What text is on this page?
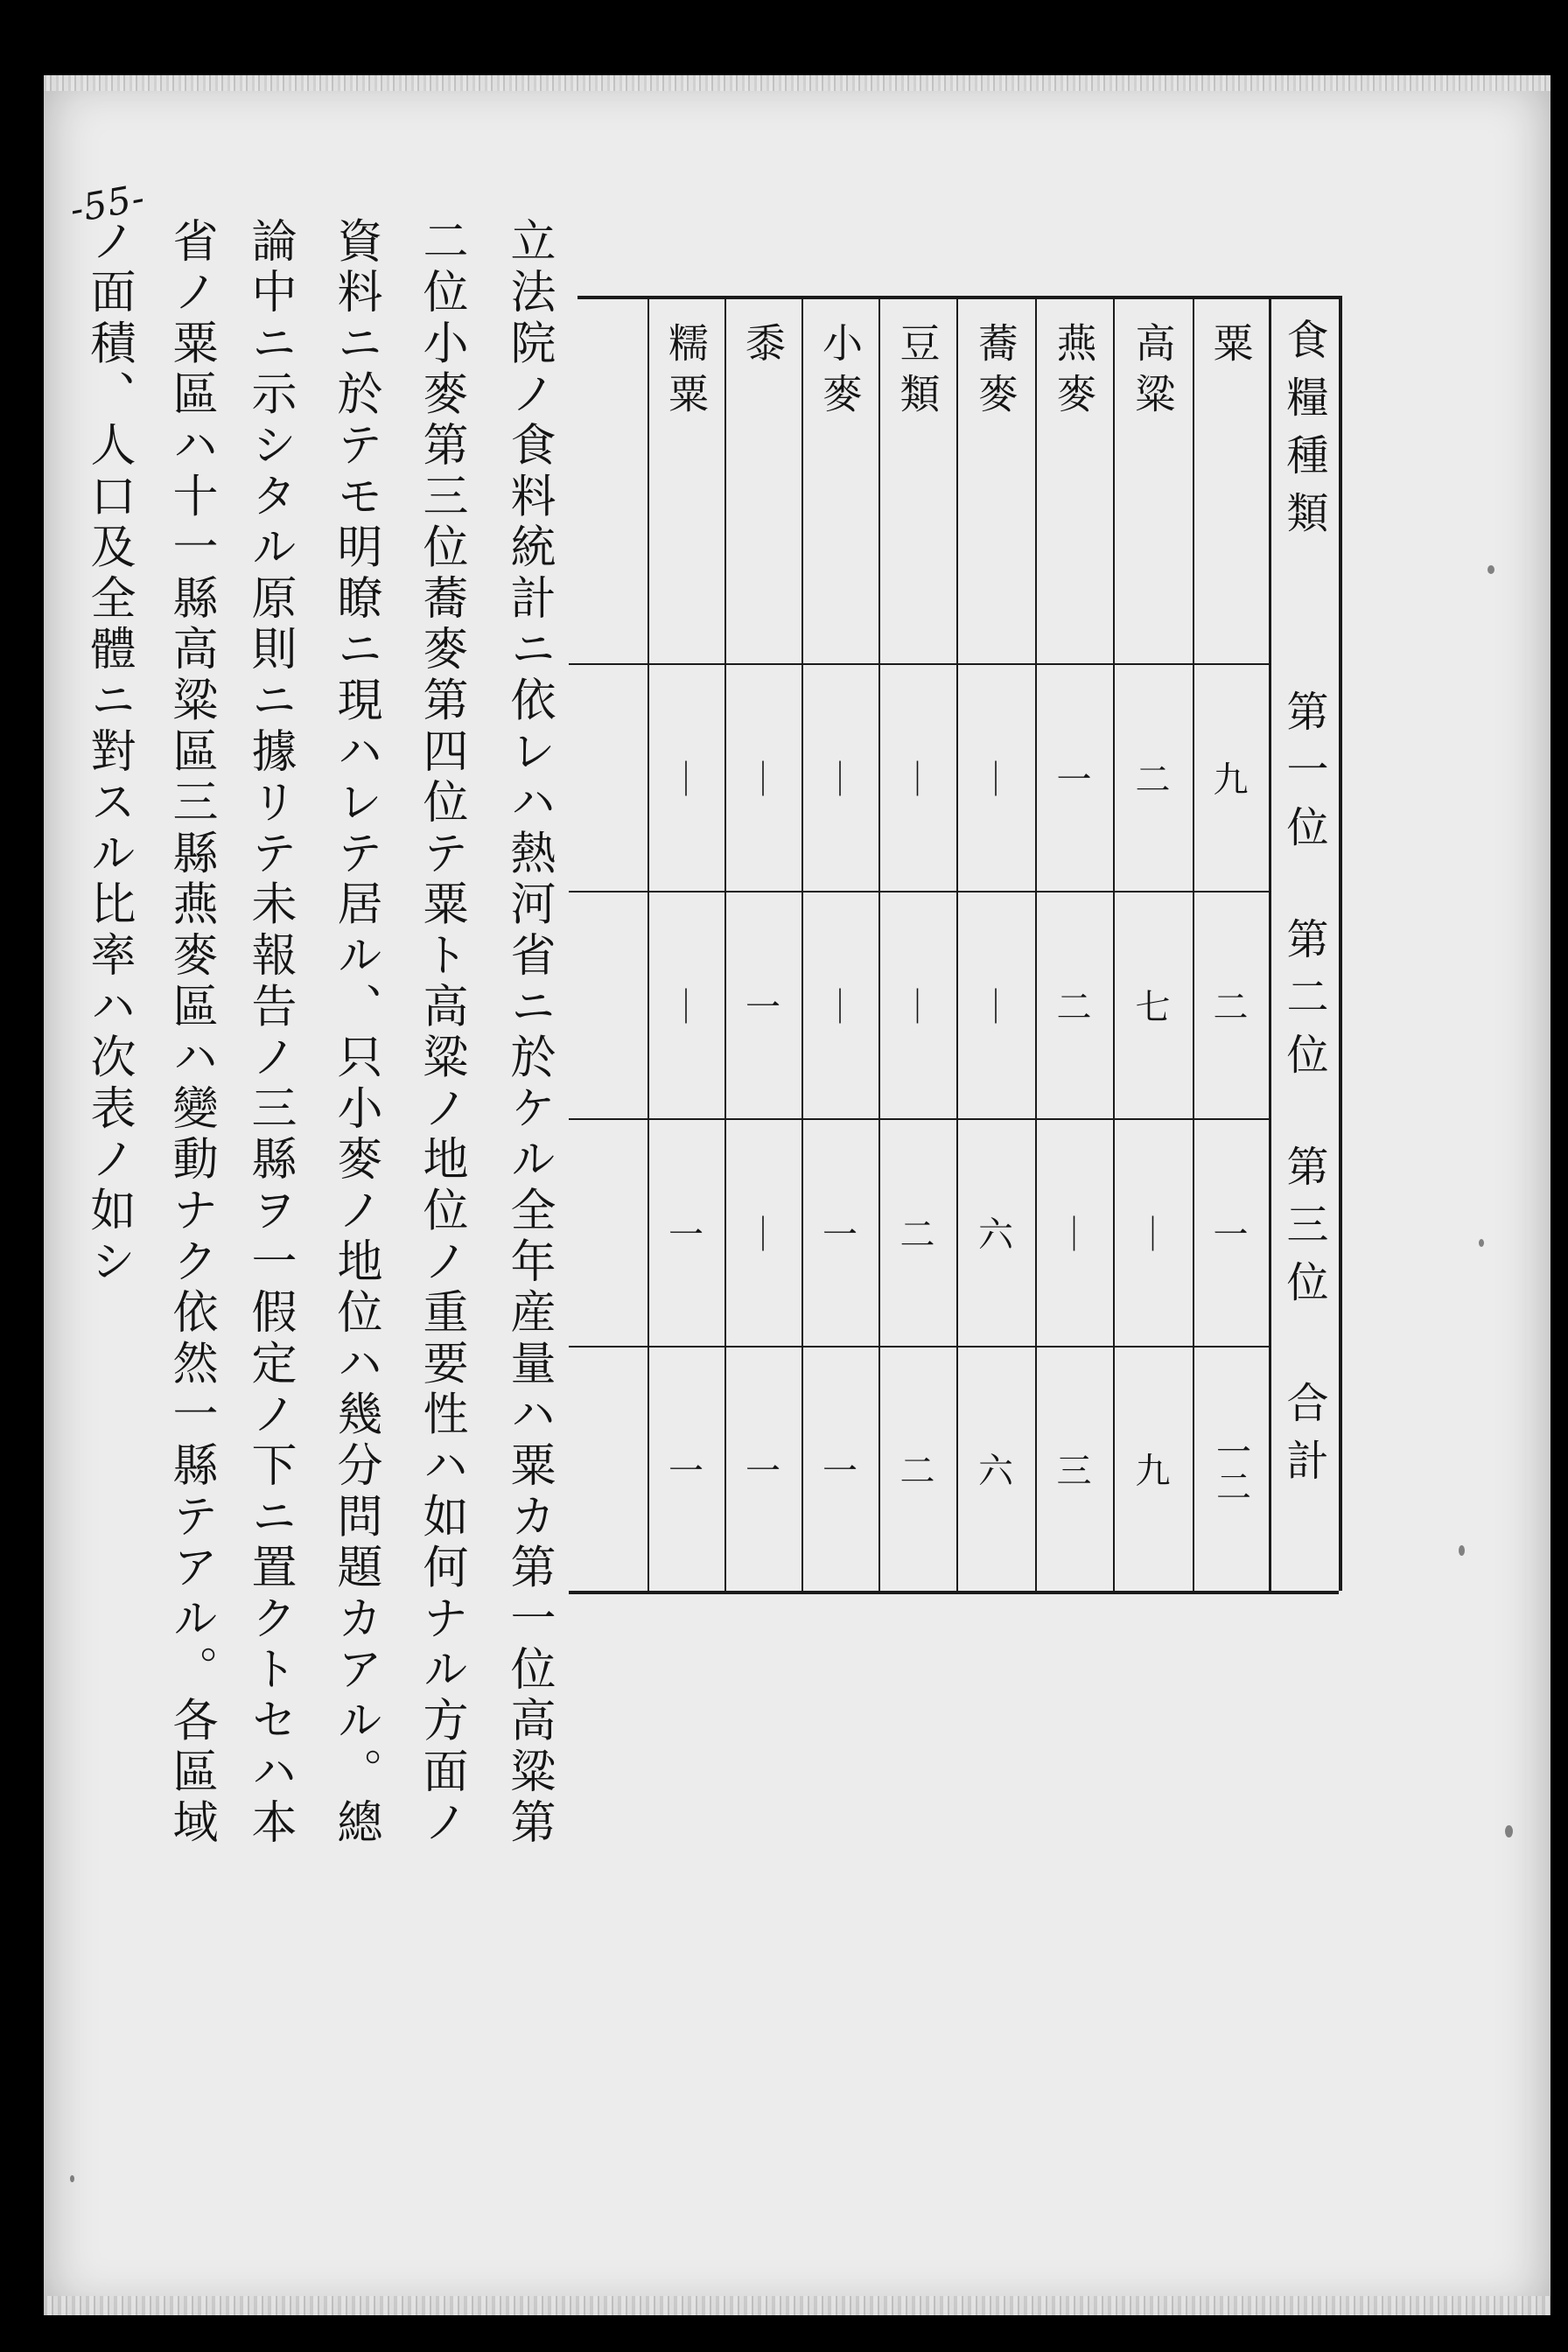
-55-
立法院ノ食料統計ニ依レハ熱河省ニ於ケル全年産量ハ粟カ第一位高粱第
二位小麥第三位蕎麥第四位テ粟ト高粱ノ地位ノ重要性ハ如何ナル方面ノ
資料ニ於テモ明瞭ニ現ハレテ居ル、只小麥ノ地位ハ幾分問題カアル。總
論中ニ示シタル原則ニ據リテ未報告ノ三縣ヲ一假定ノ下ニ置クトセハ本
省ノ粟區ハ十一縣高粱區三縣燕麥區ハ變動ナク依然一縣テアル。各區域
ノ面積、人口及全體ニ對スル比率ハ次表ノ如シ	食糧種類
第一位
第二位
第三位
合計
粟
九
二
一
一二
高粱
二
七
｜
九
燕麥
一
二
｜
三
蕎麥
｜
｜
六
六
豆類
｜
｜
二
二
小麥
｜
｜
一
一
黍
｜
一
｜
一
糯粟
｜
｜
一
一
